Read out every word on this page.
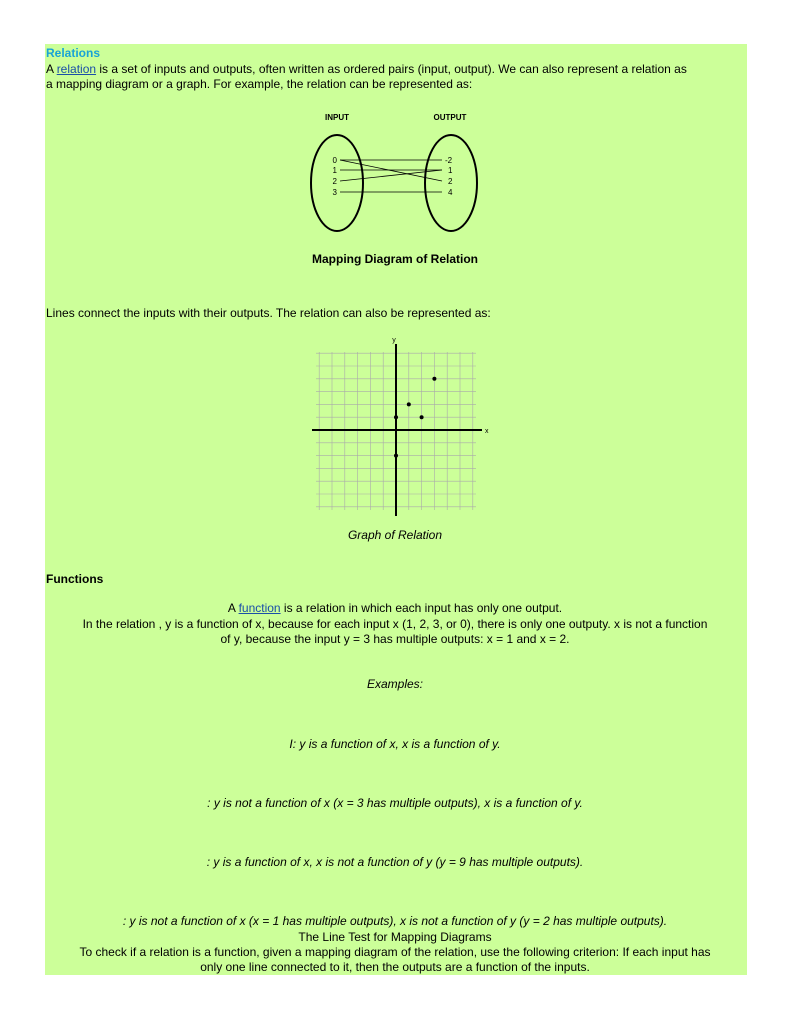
Relations
A relation is a set of inputs and outputs, often written as ordered pairs (input, output). We can also represent a relation as
a mapping diagram or a graph. For example, the relation can be represented as:
INPUT	OUTPUT
0
1
2
3
-2
1
2
4
Mapping Diagram of Relation
Lines connect the inputs with their outputs. The relation can also be represented as:
x
y
Graph of Relation
Functions
A function is a relation in which each input has only one output.
In the relation , y is a function of x, because for each input x (1, 2, 3, or 0), there is only one outputy. x is not a function
of y, because the input y = 3 has multiple outputs: x = 1 and x = 2.
Examples:
I: y is a function of x, x is a function of y.
: y is not a function of x (x = 3 has multiple outputs), x is a function of y.
: y is a function of x, x is not a function of y (y = 9 has multiple outputs).
: y is not a function of x (x = 1 has multiple outputs), x is not a function of y (y = 2 has multiple outputs).
The Line Test for Mapping Diagrams
To check if a relation is a function, given a mapping diagram of the relation, use the following criterion: If each input has
only one line connected to it, then the outputs are a function of the inputs.
